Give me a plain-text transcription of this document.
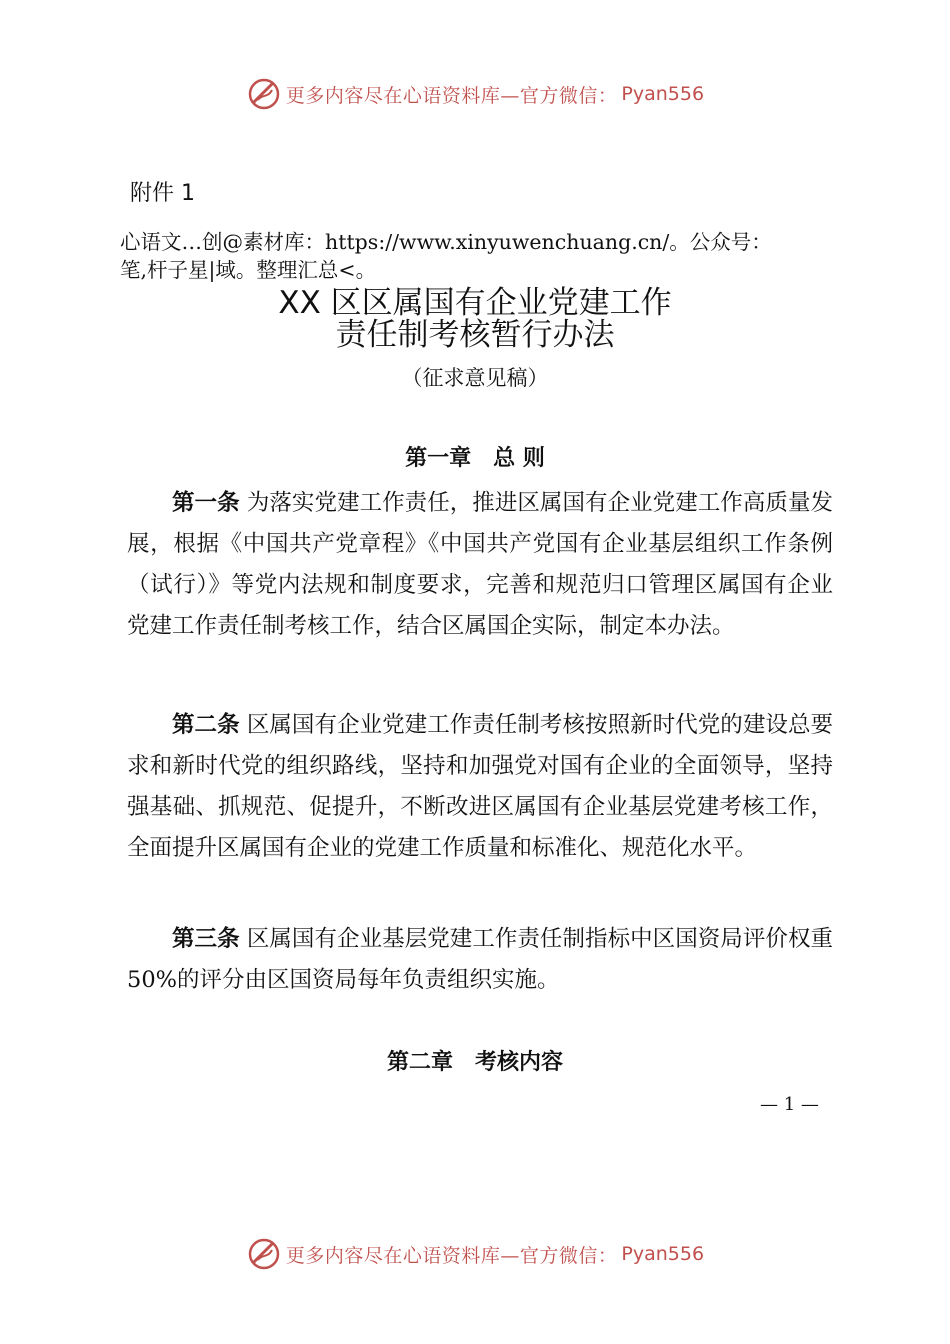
更多内容尽在心语资料库—官方微信： Pyan556
附件 1
心语文…创@素材库：https://www.xinyuwenchuang.cn/。公众号：
笔,杆子星|域。整理汇总<。
XX 区区属国有企业党建工作
责任制考核暂行办法
（征求意见稿）
第一章　总 则
第一条 为落实党建工作责任，推进区属国有企业党建工作高质量发展，根据《中国共产党章程》《中国共产党国有企业基层组织工作条例（试行）》等党内法规和制度要求，完善和规范归口管理区属国有企业党建工作责任制考核工作，结合区属国企实际，制定本办法。
第二条 区属国有企业党建工作责任制考核按照新时代党的建设总要求和新时代党的组织路线，坚持和加强党对国有企业的全面领导，坚持强基础、抓规范、促提升，不断改进区属国有企业基层党建考核工作，全面提升区属国有企业的党建工作质量和标准化、规范化水平。
第三条 区属国有企业基层党建工作责任制指标中区国资局评价权重 50%的评分由区国资局每年负责组织实施。
第二章　考核内容
— 1 —
更多内容尽在心语资料库—官方微信： Pyan556
